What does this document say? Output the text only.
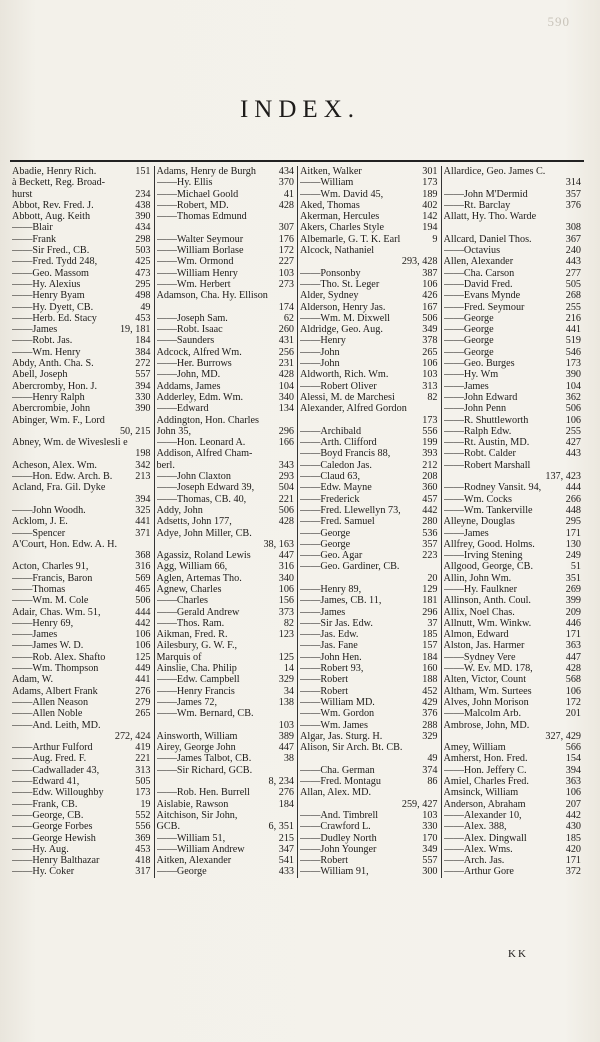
590
INDEX.
Abadie, Henry Rich.	151
à Beckett, Reg. Broad-
hurst	234
Abbot, Rev. Fred. J.	438
Abbott, Aug. Keith	390
——Blair	434
——Frank	298
——Sir Fred., CB.	503
——Fred. Tydd 248,	425
——Geo. Massom	473
——Hy. Alexius	295
——Henry Byam	498
——Hy. Dyett, CB.	49
——Herb. Ed. Stacy	453
——James	19, 181
——Robt. Jas.	184
——Wm. Henry	384
Abdy, Anth. Cha. S.	272
Abell, Joseph	557
Abercromby, Hon. J.	394
——Henry Ralph	330
Abercrombie, John	390
Abinger, Wm. F., Lord
50, 215
Abney, Wm. de Wiveslesli e
198
Acheson, Alex. Wm.	342
——Hon. Edw. Arch. B.	213
Acland, Fra. Gil. Dyke
394
——John Woodh.	325
Acklom, J. E.	441
——Spencer	371
A'Court, Hon. Edw. A. H.
368
Acton, Charles 91,	316
——Francis, Baron	569
——Thomas	465
——Wm. M. Cole	506
Adair, Chas. Wm. 51,	444
——Henry 69,	442
——James	106
——James W. D.	106
——Rob. Alex. Shafto	125
——Wm. Thompson	449
Adam, W.	441
Adams, Albert Frank	276
——Allen Neason	279
——Allen Noble	265
——And. Leith, MD.
272, 424
——Arthur Fulford	419
——Aug. Fred. F.	221
——Cadwallader 43,	313
——Edward 41,	505
——Edw. Willoughby	173
——Frank, CB.	19
——George, CB.	552
——George Forbes	556
——George Hewish	369
——Hy. Aug.	453
——Henry Balthazar	418
——Hy. Coker	317
Adams, Henry de Burgh	434
——Hy. Ellis	370
——Michael Goold	41
——Robert, MD.	428
——Thomas Edmund
307
——Walter Seymour	176
——William Borlase	172
——Wm. Ormond	227
——William Henry	103
——Wm. Herbert	273
Adamson, Cha. Hy. Ellison
174
——Joseph Sam.	62
——Robt. Isaac	260
——Saunders	431
Adcock, Alfred Wm.	256
——Her. Burrows	231
——John, MD.	428
Addams, James	104
Adderley, Edm. Wm.	340
——Edward	134
Addington, Hon. Charles
John 35,	296
——Hon. Leonard A.	166
Addison, Alfred Cham-
berl.	343
——John Claxton	293
——Joseph Edward 39,	504
——Thomas, CB. 40,	221
Addy, John	506
Adsetts, John 177,	428
Adye, John Miller, CB.
38, 163
Agassiz, Roland Lewis	447
Agg, William 66,	316
Aglen, Artemas Tho.	340
Agnew, Charles	106
——Charles	156
——Gerald Andrew	373
——Thos. Ram.	82
Aikman, Fred. R.	123
Ailesbury, G. W. F.,
Marquis of	125
Ainslie, Cha. Philip	14
——Edw. Campbell	329
——Henry Francis	34
——James 72,	138
——Wm. Bernard, CB.
103
Ainsworth, William	389
Airey, George John	447
——James Talbot, CB.	38
——Sir Richard, GCB.
8, 234
——Rob. Hen. Burrell	276
Aislabie, Rawson	184
Aitchison, Sir John,
GCB.	6, 351
——William 51,	215
——William Andrew	347
Aitken, Alexander	541
——George	433
Aitken, Walker	301
——William	173
——Wm. David 45,	189
Aked, Thomas	402
Akerman, Hercules	142
Akers, Charles Style	194
Albemarle, G. T. K. Earl	9
Alcock, Nathaniel
293, 428
——Ponsonby	387
——Tho. St. Leger	106
Alder, Sydney	426
Alderson, Henry Jas.	167
——Wm. M. Dixwell	506
Aldridge, Geo. Aug.	349
——Henry	378
——John	265
——John	106
Aldworth, Rich. Wm.	103
——Robert Oliver	313
Alessi, M. de Marchesi	82
Alexander, Alfred Gordon
173
——Archibald	556
——Arth. Clifford	199
——Boyd Francis 88,	393
——Caledon Jas.	212
——Claud 63,	208
——Edw. Mayne	360
——Frederick	457
——Fred. Llewellyn 73,	442
——Fred. Samuel	280
——George	536
——George	357
——Geo. Agar	223
——Geo. Gardiner, CB.
20
——Henry 89,	129
——James, CB. 11,	181
——James	296
——Sir Jas. Edw.	37
——Jas. Edw.	185
——Jas. Fane	157
——John Hen.	184
——Robert 93,	160
——Robert	188
——Robert	452
——William MD.	429
——Wm. Gordon	376
——Wm. James	288
Algar, Jas. Sturg. H.	329
Alison, Sir Arch. Bt. CB.
49
——Cha. German	374
——Fred. Montagu	86
Allan, Alex. MD.
259, 427
——And. Timbrell	103
——Crawford L.	330
——Dudley North	170
——John Younger	349
——Robert	557
——William 91,	300
Allardice, Geo. James C.
314
——John M'Dermid	357
——Rt. Barclay	376
Allatt, Hy. Tho. Warde
308
Allcard, Daniel Thos.	367
——Octavius	240
Allen, Alexander	443
——Cha. Carson	277
——David Fred.	505
——Evans Mynde	268
——Fred. Seymour	255
——George	216
——George	441
——George	519
——George	546
——Geo. Burges	173
——Hy. Wm	390
——James	104
——John Edward	362
——John Penn	506
——R. Shuttleworth	106
——Ralph Edw.	255
——Rt. Austin, MD.	427
——Robt. Calder	443
——Robert Marshall
137, 423
——Rodney Vansit. 94,	444
——Wm. Cocks	266
——Wm. Tankerville	448
Alleyne, Douglas	295
——James	171
Allfrey, Good. Holms.	130
——Irving Stening	249
Allgood, George, CB.	51
Allin, John Wm.	351
——Hy. Faulkner	269
Allinson, Anth. Coul.	399
Allix, Noel Chas.	209
Allnutt, Wm. Winkw.	446
Almon, Edward	171
Alston, Jas. Harmer	363
——Sydney Vere	447
——W. Ev. MD. 178,	428
Alten, Victor, Count	568
Altham, Wm. Surtees	106
Alves, John Morison	172
——Malcolm Arb.	201
Ambrose, John, MD.
327, 429
Amey, William	566
Amherst, Hon. Fred.	154
——Hon. Jeffery C.	394
Amiel, Charles Fred.	363
Amsinck, William	106
Anderson, Abraham	207
——Alexander 10,	442
——Alex. 388,	430
——Alex. Dingwall	185
——Alex. Wms.	420
——Arch. Jas.	171
——Arthur Gore	372
KK
